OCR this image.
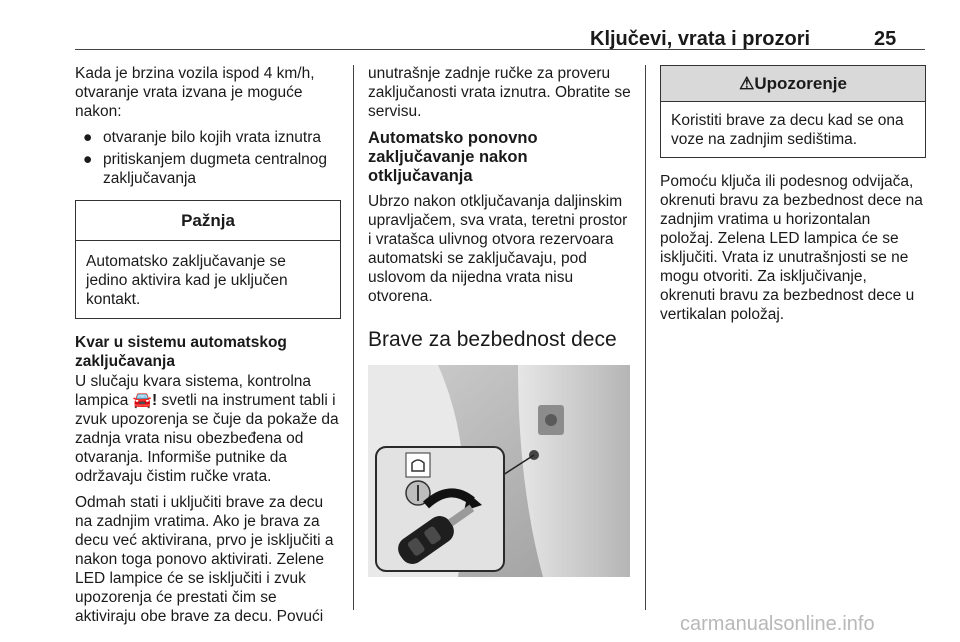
Ključevi, vrata i prozori	25

Kada je brzina vozila ispod 4 km/h, otvaranje vrata izvana je moguće nakon:

● otvaranje bilo kojih vrata iznutra
● pritiskanjem dugmeta centralnog zaključavanja
Pažnja
Automatsko zaključavanje se jedino aktivira kad je uključen kontakt.
Kvar u sistemu automatskog zaključavanja

U slučaju kvara sistema, kontrolna lampica 🚘! svetli na instrument tabli i zvuk upozorenja se čuje da pokaže da zadnja vrata nisu obezbeđena od otvaranja. Informiše putnike da održavaju čistim ručke vrata.

Odmah stati i uključiti brave za decu na zadnjim vratima. Ako je brava za decu već aktivirana, prvo je isključiti a nakon toga ponovo aktivirati. Zelene LED lampice će se isključiti i zvuk upozorenja će prestati čim se aktiviraju obe brave za decu. Povući

unutrašnje zadnje ručke za proveru zaključanosti vrata iznutra. Obratite se servisu.

Automatsko ponovno zaključavanje nakon otključavanja

Ubrzo nakon otključavanja daljinskim upravljačem, sva vrata, teretni prostor i vratašca ulivnog otvora rezervoara automatski se zaključavaju, pod uslovom da nijedna vrata nisu otvorena.

Brave za bezbednost dece
⚠Upozorenje
Koristiti brave za decu kad se ona voze na zadnjim sedištima.

Pomoću ključa ili podesnog odvijača, okrenuti bravu za bezbednost dece na zadnjim vratima u horizontalan položaj. Zelena LED lampica će se isključiti. Vrata iz unutrašnjosti se ne mogu otvoriti. Za isključivanje, okrenuti bravu za bezbednost dece u vertikalan položaj.

carmanualsonline.info
